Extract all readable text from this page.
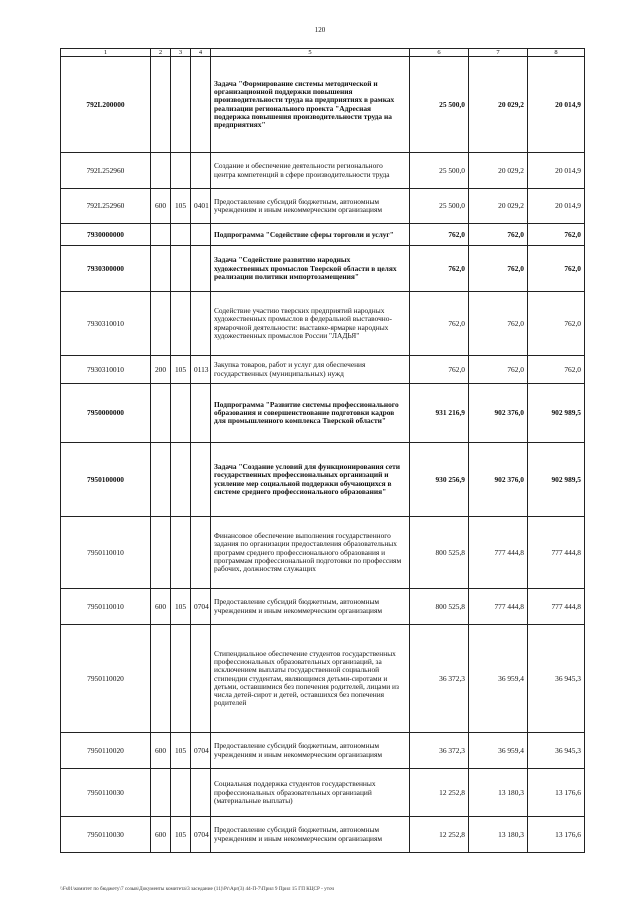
120
1	2	3	4	5	6	7	8
792L200000				Задача "Формирование системы методической и организационной поддержки повышения производительности труда на предприятиях в рамках реализации регионального проекта "Адресная поддержка повышения производительности труда на предприятиях"	25 500,0	20 029,2	20 014,9
792L252960				Создание и обеспечение деятельности регионального центра компетенций в сфере производительности труда	25 500,0	20 029,2	20 014,9
792L252960	600	105	0401	Предоставление субсидий бюджетным, автономным учреждениям и иным некоммерческим организациям	25 500,0	20 029,2	20 014,9
7930000000				Подпрограмма "Содействие сферы торговли и услуг"	762,0	762,0	762,0
7930300000				Задача "Содействие развитию народных художественных промыслов Тверской области в целях реализации политики импортозамещения"	762,0	762,0	762,0
7930310010				Содействие участию тверских предприятий народных художественных промыслов в федеральной выставочно-ярмарочной деятельности: выставке-ярмарке народных художественных промыслов России "ЛАДЬЯ"	762,0	762,0	762,0
7930310010	200	105	0113	Закупка товаров, работ и услуг для обеспечения государственных (муниципальных) нужд	762,0	762,0	762,0
7950000000				Подпрограмма "Развитие системы профессионального образования и совершенствование подготовки кадров для промышленного комплекса Тверской области"	931 216,9	902 376,0	902 989,5
7950100000				Задача "Создание условий для функционирования сети государственных профессиональных организаций и усиление мер социальной поддержки обучающихся в системе среднего профессионального образования"	930 256,9	902 376,0	902 989,5
7950110010				Финансовое обеспечение выполнения государственного задания по организации предоставления образовательных программ среднего профессионального образования и программам профессиональной подготовки по профессиям рабочих, должностям служащих	800 525,8	777 444,8	777 444,8
7950110010	600	105	0704	Предоставление субсидий бюджетным, автономным учреждениям и иным некоммерческим организациям	800 525,8	777 444,8	777 444,8
7950110020				Стипендиальное обеспечение студентов государственных профессиональных образовательных организаций, за исключением выплаты государственной социальной стипендии студентам, являющимся детьми-сиротами и детьми, оставшимися без попечения родителей, лицами из числа детей-сирот и детей, оставшихся без попечения родителей	36 372,3	36 959,4	36 945,3
7950110020	600	105	0704	Предоставление субсидий бюджетным, автономным учреждениям и иным некоммерческим организациям	36 372,3	36 959,4	36 945,3
7950110030				Социальная поддержка студентов государственных профессиональных образовательных организаций (материальные выплаты)	12 252,8	13 180,3	13 176,6
7950110030	600	105	0704	Предоставление субсидий бюджетным, автономным учреждениям и иным некоммерческим организациям	12 252,8	13 180,3	13 176,6
\\Fs01\комитет по бюджету\7 созыв\Документы комитета\3 заседание (11)\Pr\Apr(3) 44-П-7\Прил 9 Прил 15 ГП КЦСР - уточ
